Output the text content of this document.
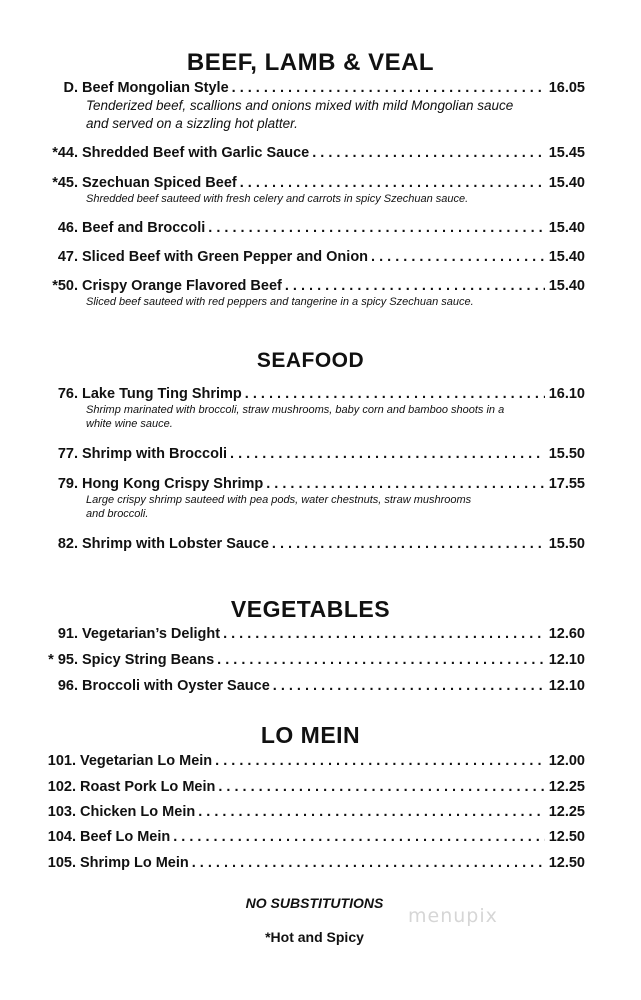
BEEF, LAMB & VEAL
D. Beef Mongolian Style . . .	16.05
Tenderized beef, scallions and onions mixed with mild Mongolian sauce and served on a sizzling hot platter.
*44. Shredded Beef with Garlic Sauce . . .	15.45
*45. Szechuan Spiced Beef . . .	15.40
Shredded beef sauteed with fresh celery and carrots in spicy Szechuan sauce.
46. Beef and Broccoli . . .	15.40
47. Sliced Beef with Green Pepper and Onion . . .	15.40
*50. Crispy Orange Flavored Beef . . .	15.40
Sliced beef sauteed with red peppers and tangerine in a spicy Szechuan sauce.
SEAFOOD
76. Lake Tung Ting Shrimp . . .	16.10
Shrimp marinated with broccoli, straw mushrooms, baby corn and bamboo shoots in a white wine sauce.
77. Shrimp with Broccoli . . .	15.50
79. Hong Kong Crispy Shrimp . . .	17.55
Large crispy shrimp sauteed with pea pods, water chestnuts, straw mushrooms and broccoli.
82. Shrimp with Lobster Sauce . . .	15.50
VEGETABLES
91. Vegetarian’s Delight . . .	12.60
* 95. Spicy String Beans . . .	12.10
96. Broccoli with Oyster Sauce . . .	12.10
LO MEIN
101. Vegetarian Lo Mein . . .	12.00
102. Roast Pork Lo Mein . . .	12.25
103. Chicken Lo Mein . . .	12.25
104. Beef Lo Mein . . .	12.50
105. Shrimp Lo Mein . . .	12.50
NO SUBSTITUTIONS
*Hot and Spicy
menupix
